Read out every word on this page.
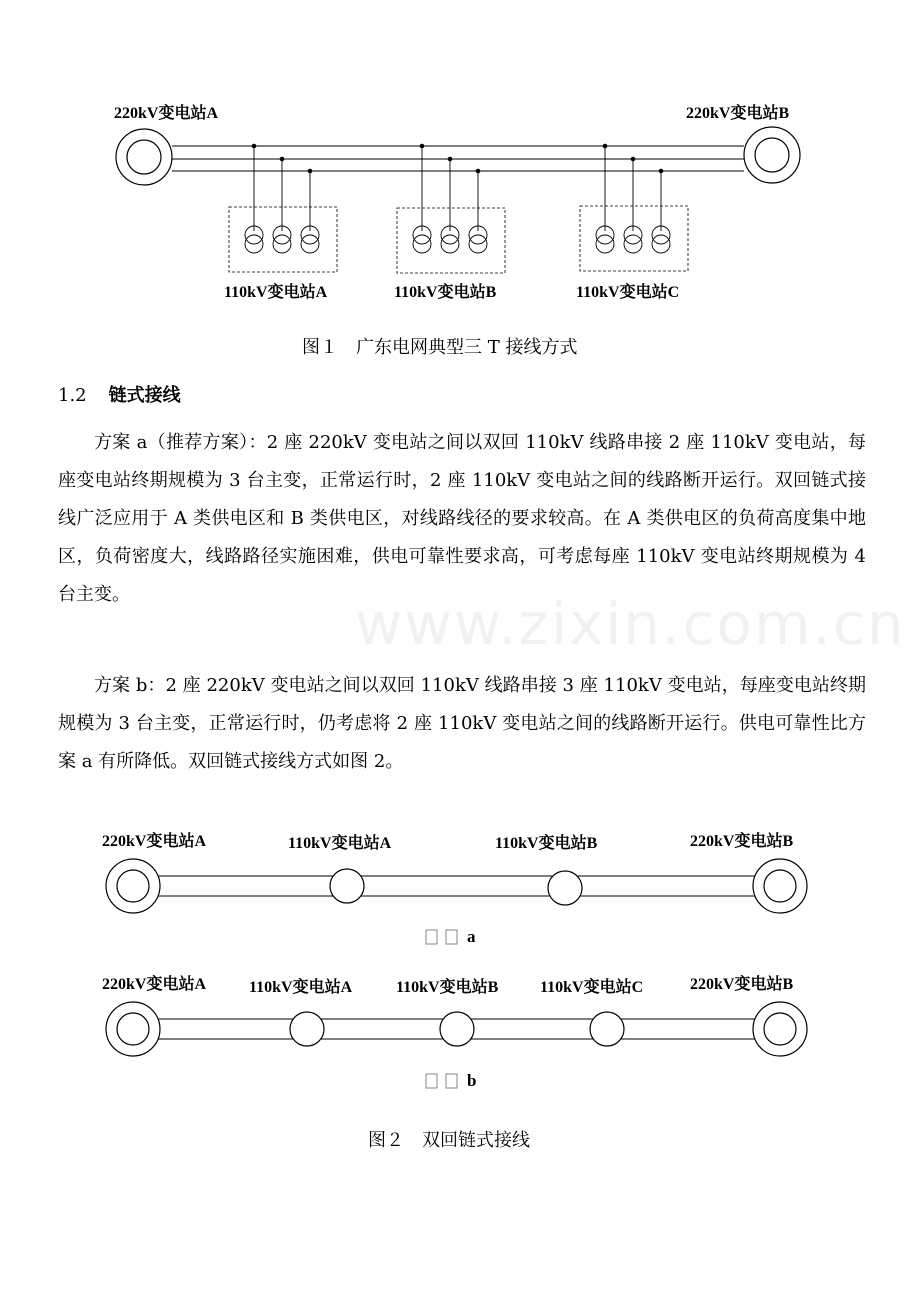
220kV变电站A	220kV变电站B
110kV变电站A	110kV变电站B	110kV变电站C
图１　广东电网典型三 T 接线方式
1.2 链式接线

方案 a（推荐方案）：2 座 220kV 变电站之间以双回 110kV 线路串接 2 座 110kV 变电站，每座变电站终期规模为 3 台主变，正常运行时，2 座 110kV 变电站之间的线路断开运行。双回链式接线广泛应用于 A 类供电区和 B 类供电区，对线路线径的要求较高。在 A 类供电区的负荷高度集中地区，负荷密度大，线路路径实施困难，供电可靠性要求高，可考虑每座 110kV 变电站终期规模为 4 台主变。

方案 b：2 座 220kV 变电站之间以双回 110kV 线路串接 3 座 110kV 变电站，每座变电站终期规模为 3 台主变，正常运行时，仍考虑将 2 座 110kV 变电站之间的线路断开运行。供电可靠性比方案 a 有所降低。双回链式接线方式如图 2。

www.zixin.com.cn
220kV变电站A	110kV变电站A	110kV变电站B	220kV变电站B
220kV变电站A	110kV变电站A	110kV变电站B	110kV变电站C	220kV变电站B
a
b
图２　双回链式接线
